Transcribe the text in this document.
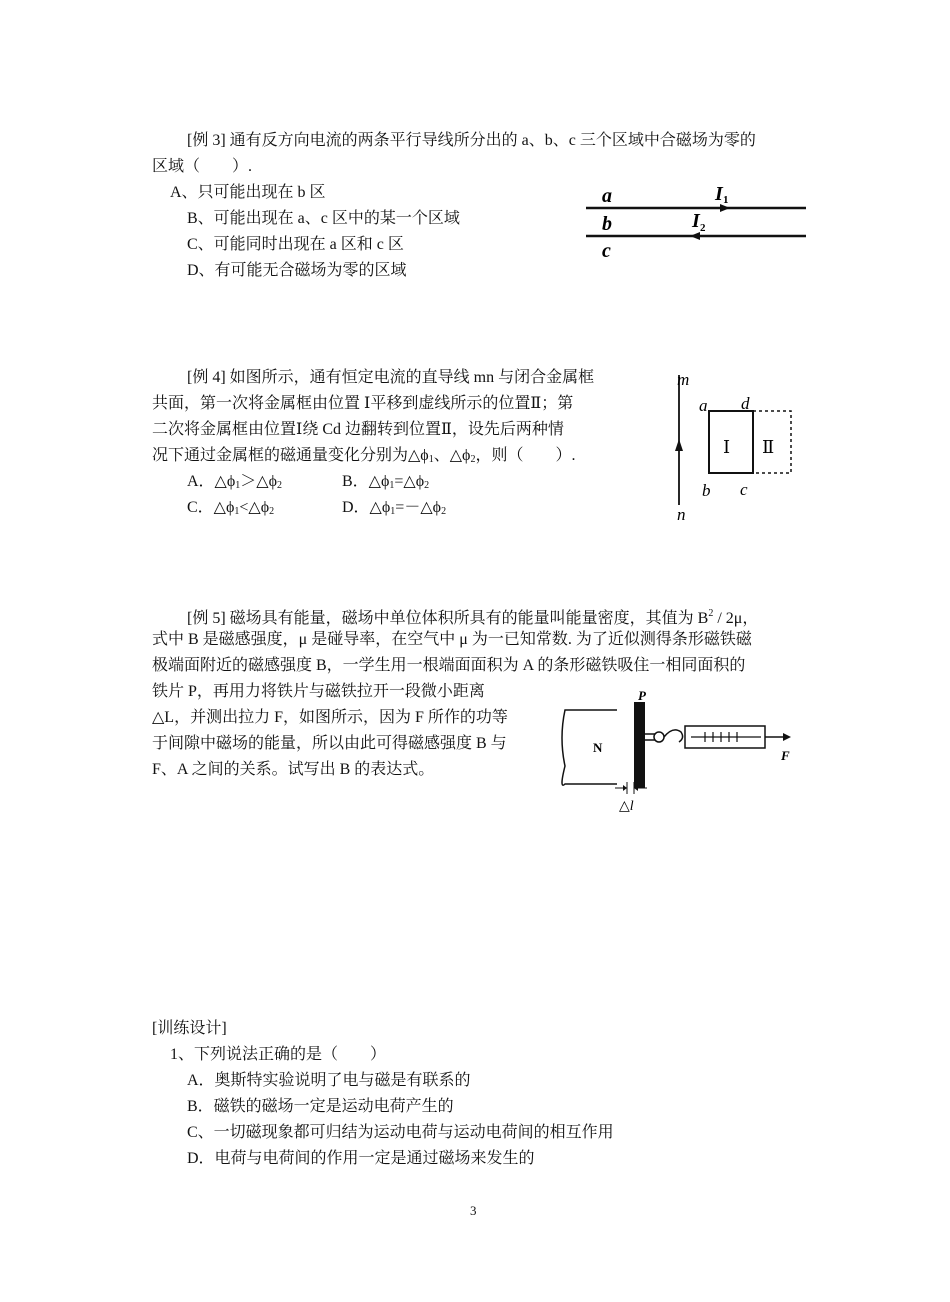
[例 3] 通有反方向电流的两条平行导线所分出的 a、b、c 三个区域中合磁场为零的
区域（　　）.
A、只可能出现在 b 区
B、可能出现在 a、c 区中的某一个区域
C、可能同时出现在 a 区和 c 区
D、有可能无合磁场为零的区域
a
b
c
I 1
I 2
[例 4] 如图所示，通有恒定电流的直导线 mn 与闭合金属框
共面，第一次将金属框由位置 Ⅰ平移到虚线所示的位置Ⅱ；第
二次将金属框由位置Ⅰ绕 Cd 边翻转到位置Ⅱ，设先后两种情
况下通过金属框的磁通量变化分别为$\triangle\phi_1$、$\triangle\phi_2$，则（　　）.
A．$\triangle\phi_1>\triangle\phi_2$	B．$\triangle\phi_1=\triangle\phi_2$
C．$\triangle\phi_1<\triangle\phi_2$	D．$\triangle\phi_1=-\triangle\phi_2$
m
n
a d
b c
Ⅰ Ⅱ
[例 5] 磁场具有能量，磁场中单位体积所具有的能量叫能量密度，其值为 $B^2 / 2\mu$，
式中 B 是磁感强度，μ 是碰导率，在空气中 μ 为一已知常数. 为了近似测得条形磁铁磁
极端面附近的磁感强度 B，一学生用一根端面面积为 A 的条形磁铁吸住一相同面积的
铁片 P，再用力将铁片与磁铁拉开一段微小距离
△L，并测出拉力 F，如图所示，因为 F 所作的功等
于间隙中磁场的能量，所以由此可得磁感强度 B 与
F、A 之间的关系。试写出 B 的表达式。
N
P
F
△l
[训练设计]
1、下列说法正确的是（　　）
A．奥斯特实验说明了电与磁是有联系的
B．磁铁的磁场一定是运动电荷产生的
C、一切磁现象都可归结为运动电荷与运动电荷间的相互作用
D．电荷与电荷间的作用一定是通过磁场来发生的
3
